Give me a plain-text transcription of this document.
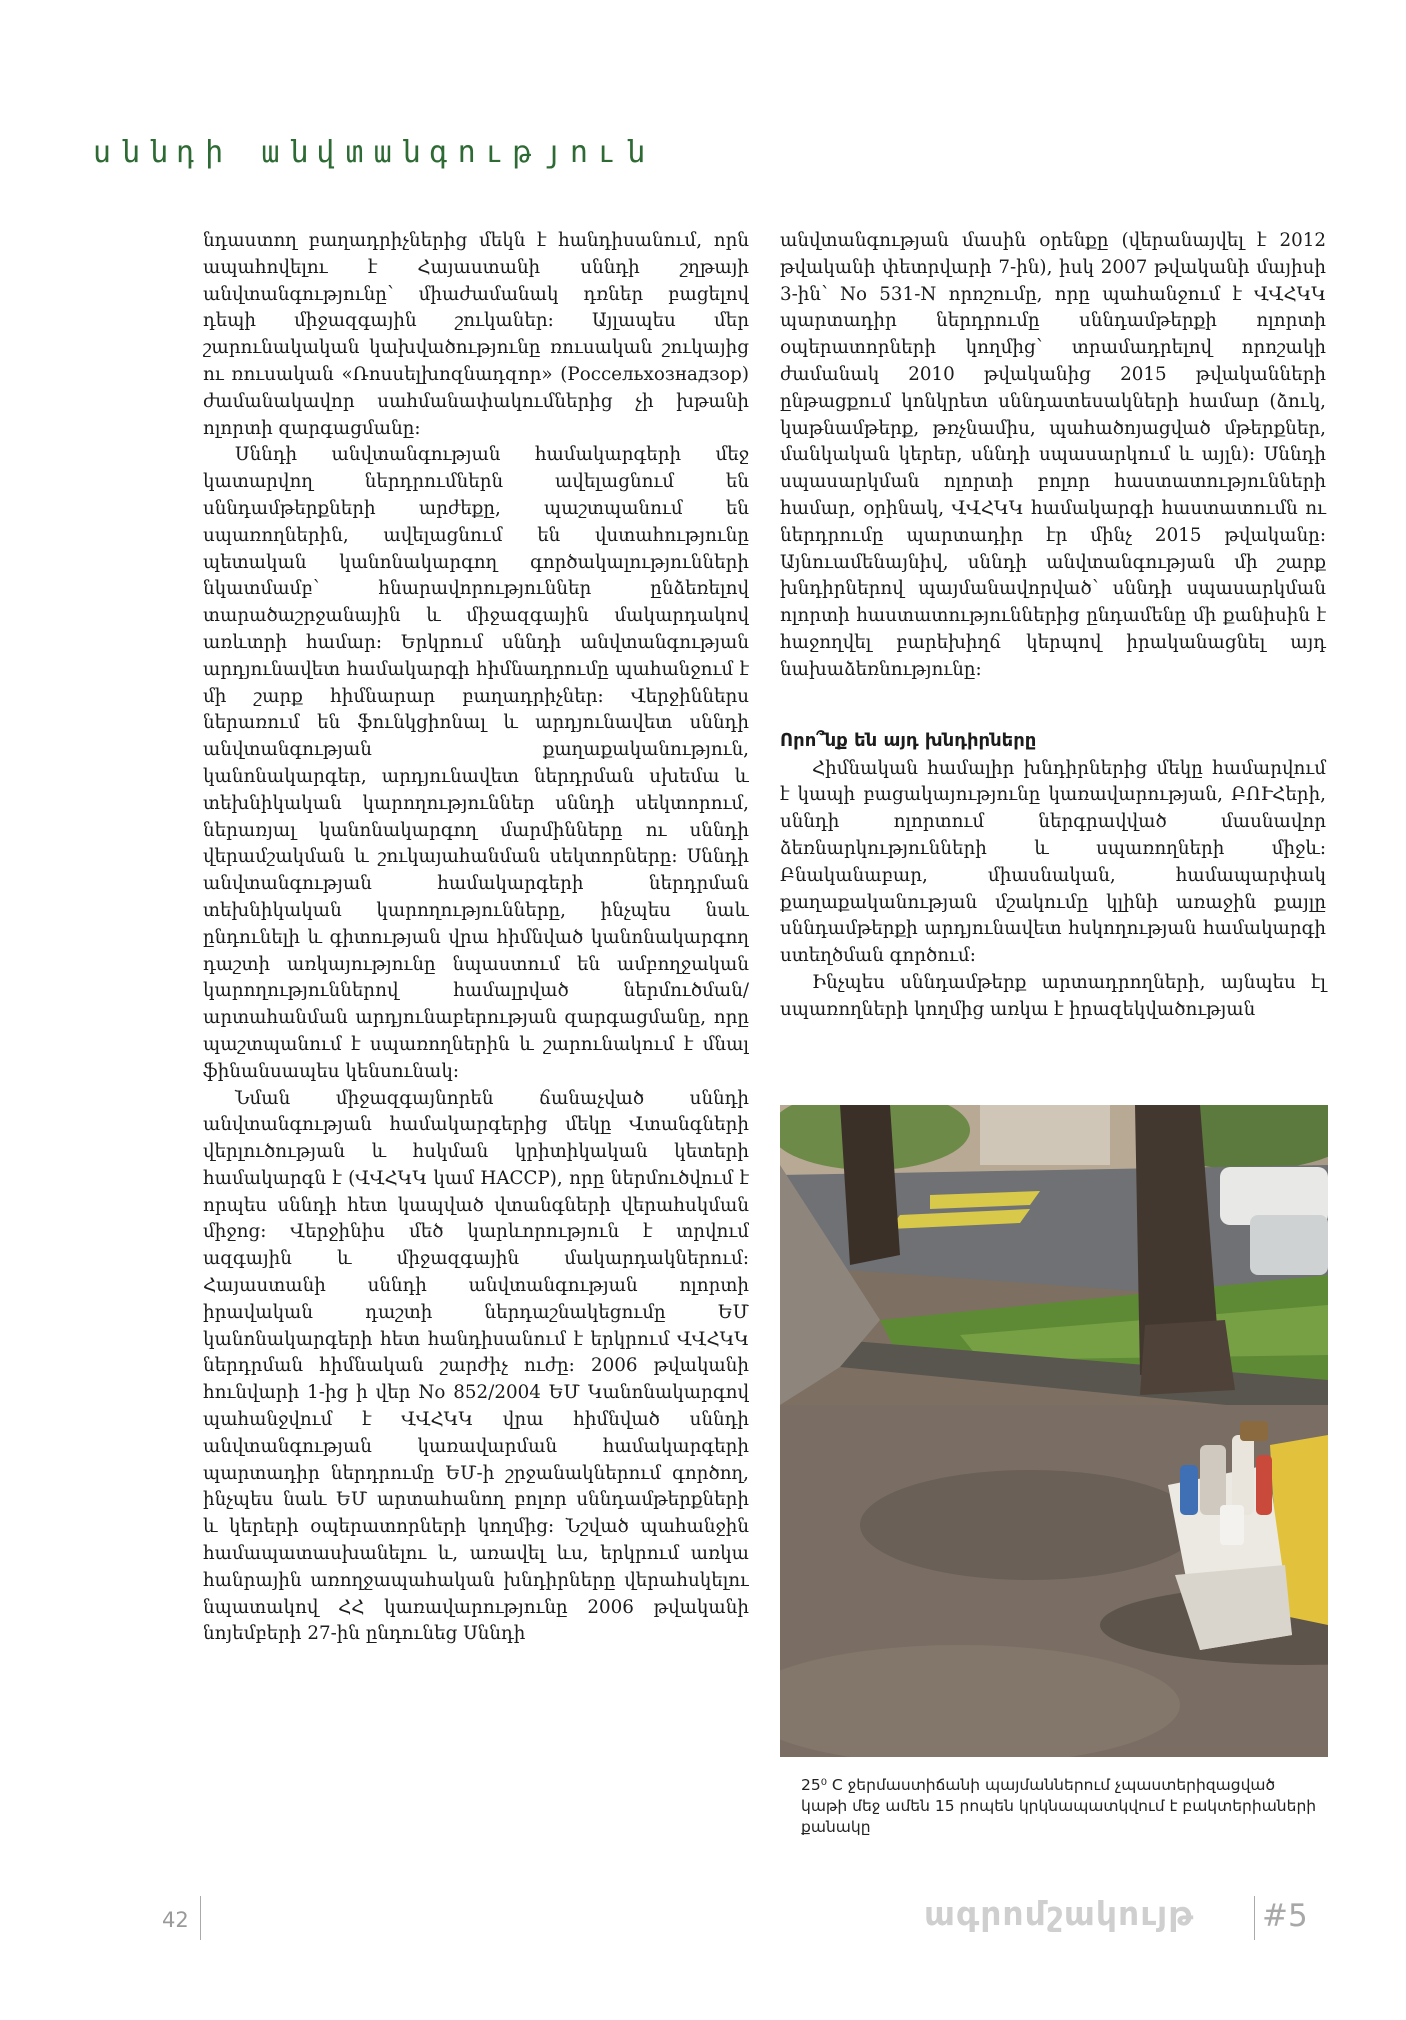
սննդի անվտանգություն

նդաստող բաղադրիչներից մեկն է հանդիսանում, որն ապահովելու է Հայաստանի սննդի շղթայի անվտանգությունը՝ միաժամանակ դռներ բացելով դեպի միջազգային շուկաներ: Այլապես մեր շարունակական կախվածությունը ռուսական շուկայից ու ռուսական «Ռոսսելխոզնադզոր» (Россельхознадзор) ժամանակավոր սահմանափակումներից չի խթանի ոլորտի զարգացմանը:

Սննդի անվտանգության համակարգերի մեջ կատարվող ներդրումներն ավելացնում են սննդամթերքների արժեքը, պաշտպանում են սպառողներին, ավելացնում են վստահությունը պետական կանոնակարգող գործակալությունների նկատմամբ՝ հնարավորություններ ընձեռելով տարածաշրջանային և միջազգային մակարդակով առևտրի համար: Երկրում սննդի անվտանգության արդյունավետ համակարգի հիմնադրումը պահանջում է մի շարք հիմնարար բաղադրիչներ: Վերջիններս ներառում են ֆունկցիոնալ և արդյունավետ սննդի անվտանգության քաղաքականություն, կանոնակարգեր, արդյունավետ ներդրման սխեմա և տեխնիկական կարողություններ սննդի սեկտորում, ներառյալ կանոնակարգող մարմինները ու սննդի վերամշակման և շուկայահանման սեկտորները: Սննդի անվտանգության համակարգերի ներդրման տեխնիկական կարողությունները, ինչպես նաև ընդունելի և գիտության վրա հիմնված կանոնակարգող դաշտի առկայությունը նպաստում են ամբողջական կարողություններով համալրված ներմուծման/արտահանման արդյունաբերության զարգացմանը, որը պաշտպանում է սպառողներին և շարունակում է մնալ ֆինանսապես կենսունակ:

Նման միջազգայնորեն ճանաչված սննդի անվտանգության համակարգերից մեկը Վտանգների վերլուծության և հսկման կրիտիկական կետերի համակարգն է (ՎՎՀԿԿ կամ HACCP), որը ներմուծվում է որպես սննդի հետ կապված վտանգների վերահսկման միջոց: Վերջինիս մեծ կարևորություն է տրվում ազգային և միջազգային մակարդակներում: Հայաստանի սննդի անվտանգության ոլորտի իրավական դաշտի ներդաշնակեցումը ԵՄ կանոնակարգերի հետ հանդիսանում է երկրում ՎՎՀԿԿ ներդրման հիմնական շարժիչ ուժը: 2006 թվականի հունվարի 1-ից ի վեր No 852/2004 ԵՄ Կանոնակարգով պահանջվում է ՎՎՀԿԿ վրա հիմնված սննդի անվտանգության կառավարման համակարգերի պարտադիր ներդրումը ԵՄ-ի շրջանակներում գործող, ինչպես նաև ԵՄ արտահանող բոլոր սննդամթերքների և կերերի օպերատորների կողմից: Նշված պահանջին համապատասխանելու և, առավել ևս, երկրում առկա հանրային առողջապահական խնդիրները վերահսկելու նպատակով ՀՀ կառավարությունը 2006 թվականի նոյեմբերի 27-ին ընդունեց Սննդի

անվտանգության մասին օրենքը (վերանայվել է 2012 թվականի փետրվարի 7-ին), իսկ 2007 թվականի մայիսի 3-ին՝ No 531-N որոշումը, որը պահանջում է ՎՎՀԿԿ պարտադիր ներդրումը սննդամթերքի ոլորտի օպերատորների կողմից՝ տրամադրելով որոշակի ժամանակ 2010 թվականից 2015 թվականների ընթացքում կոնկրետ սննդատեսակների համար (ձուկ, կաթնամթերք, թռչնամիս, պահածոյացված մթերքներ, մանկական կերեր, սննդի սպասարկում և այլն): Սննդի սպասարկման ոլորտի բոլոր հաստատությունների համար, օրինակ, ՎՎՀԿԿ համակարգի հաստատումն ու ներդրումը պարտադիր էր մինչ 2015 թվականը: Այնուամենայնիվ, սննդի անվտանգության մի շարք խնդիրներով պայմանավորված՝ սննդի սպասարկման ոլորտի հաստատություններից ընդամենը մի քանիսին է հաջողվել բարեխիղճ կերպով իրականացնել այդ նախաձեռնությունը:

Որո՞նք են այդ խնդիրները

Հիմնական համալիր խնդիրներից մեկը համարվում է կապի բացակայությունը կառավարության, ԲՈՒՀերի, սննդի ոլորտում ներգրավված մասնավոր ձեռնարկությունների և սպառողների միջև: Բնականաբար, միասնական, համապարփակ քաղաքականության մշակումը կլինի առաջին քայլը սննդամթերքի արդյունավետ հսկողության համակարգի ստեղծման գործում:

Ինչպես սննդամթերք արտադրողների, այնպես էլ սպառողների կողմից առկա է իրազեկվածության

25⁰ C ջերմաստիճանի պայմաններում չպաստերիզացված կաթի մեջ ամեն 15 րոպեն կրկնապատկվում է բակտերիաների քանակը

42	ագրոմշակույթ #5
